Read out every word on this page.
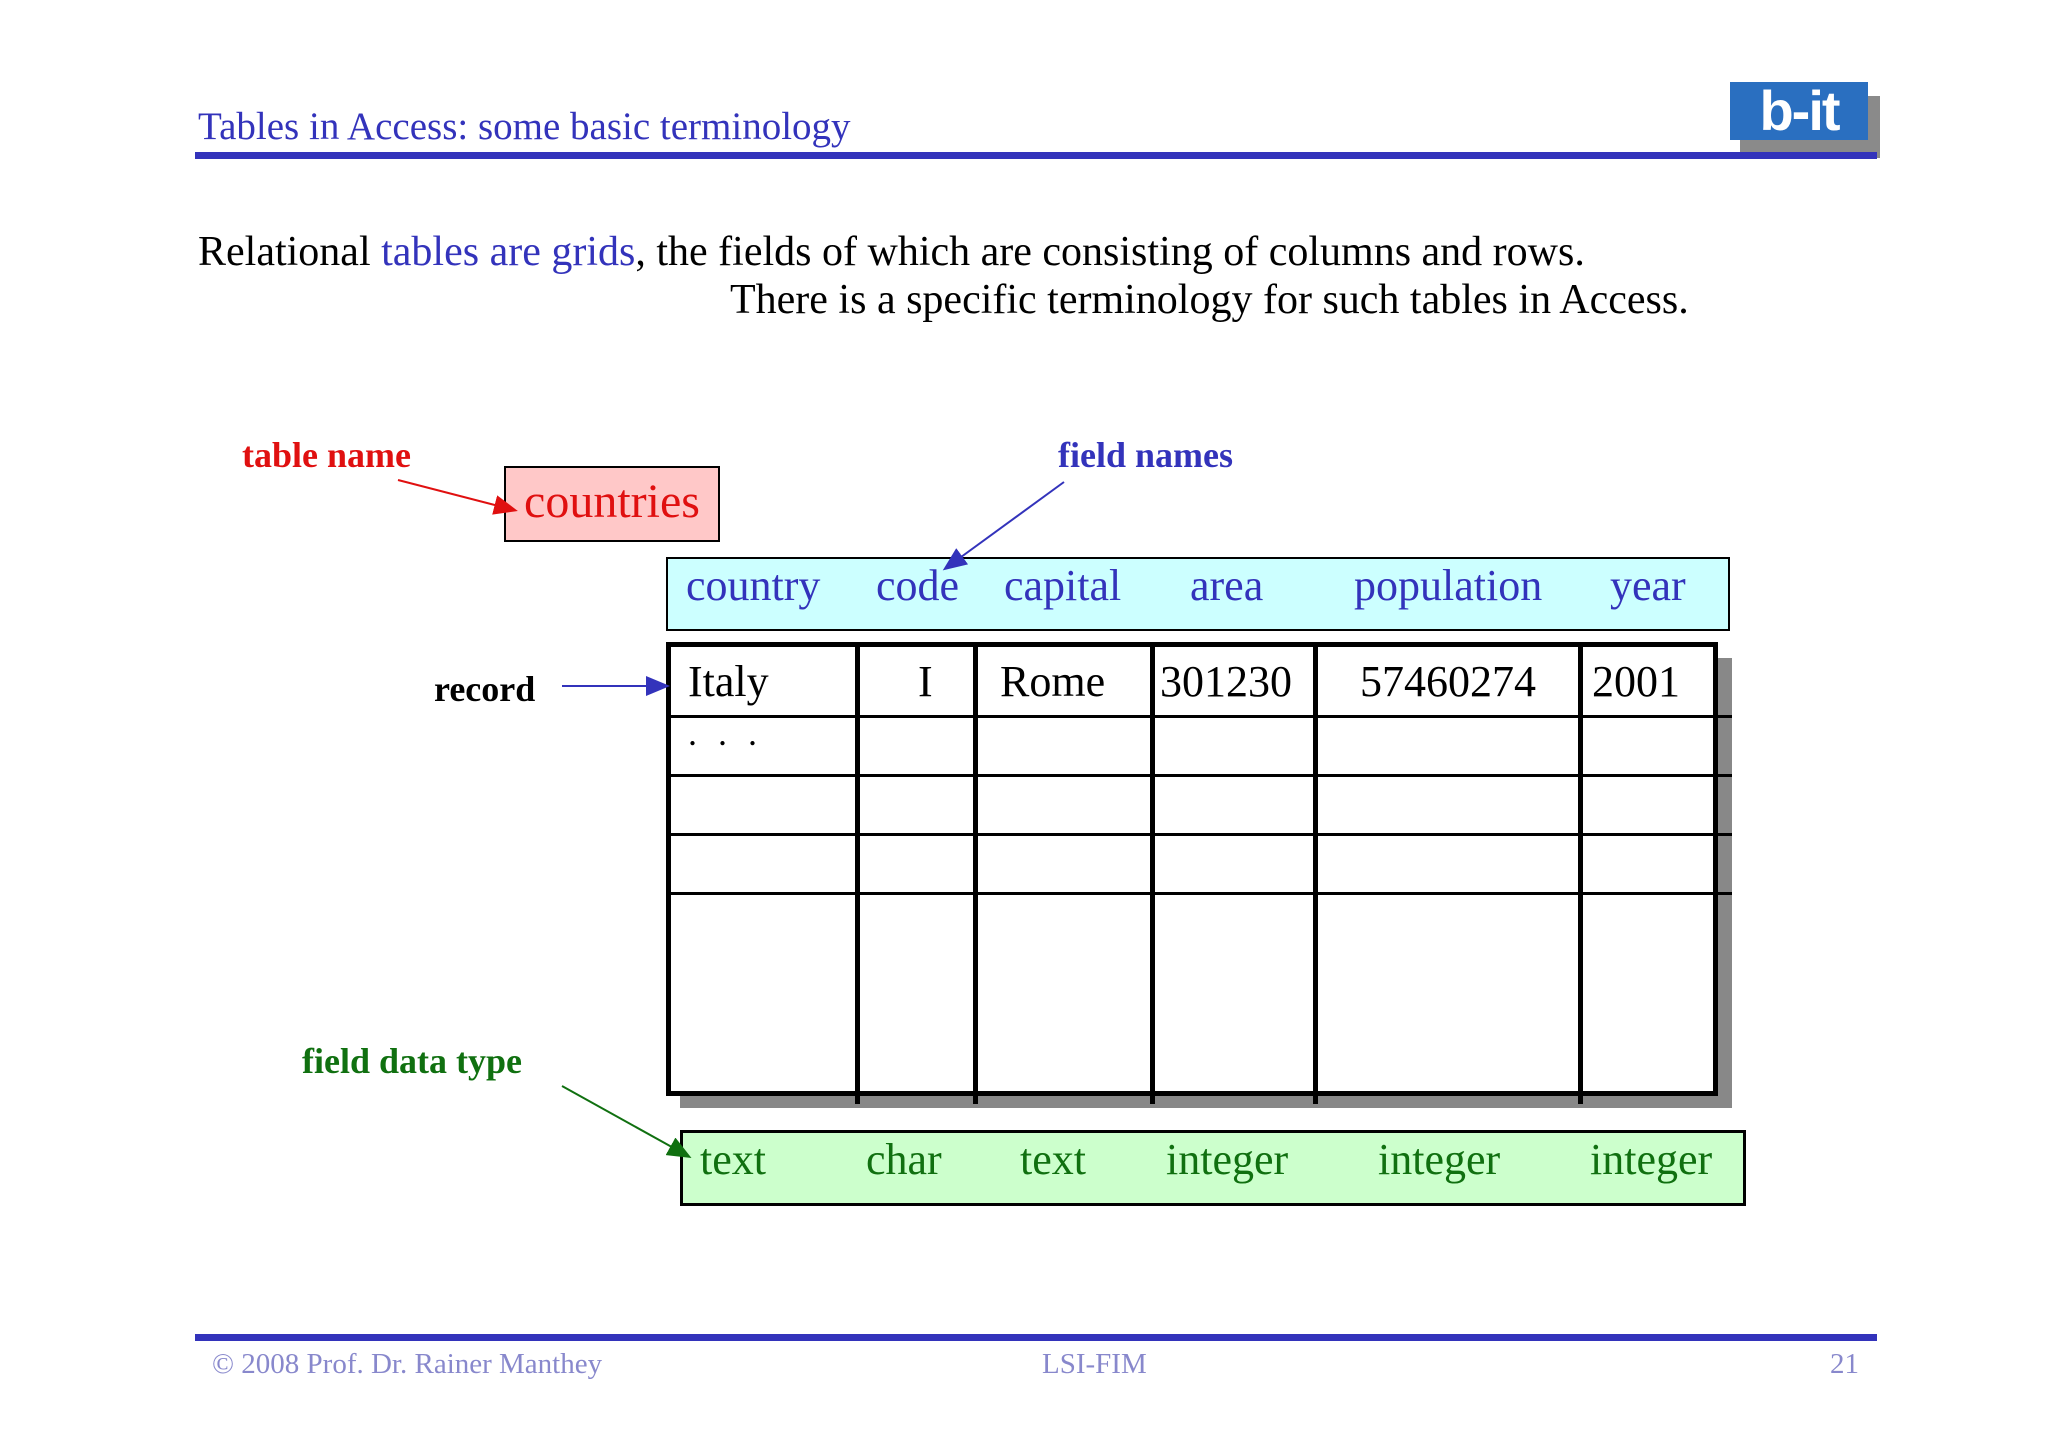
Tables in Access: some basic terminology	b-it
Relational tables are grids, the fields of which are consisting of columns and rows.
There is a specific terminology for such tables in Access.
table name	field names
record
field data type
countries
country code capital area population year
Italy	I Rome 301230 57460274 2001
. . .
text char text integer integer integer
© 2008 Prof. Dr. Rainer Manthey	LSI-FIM	21
